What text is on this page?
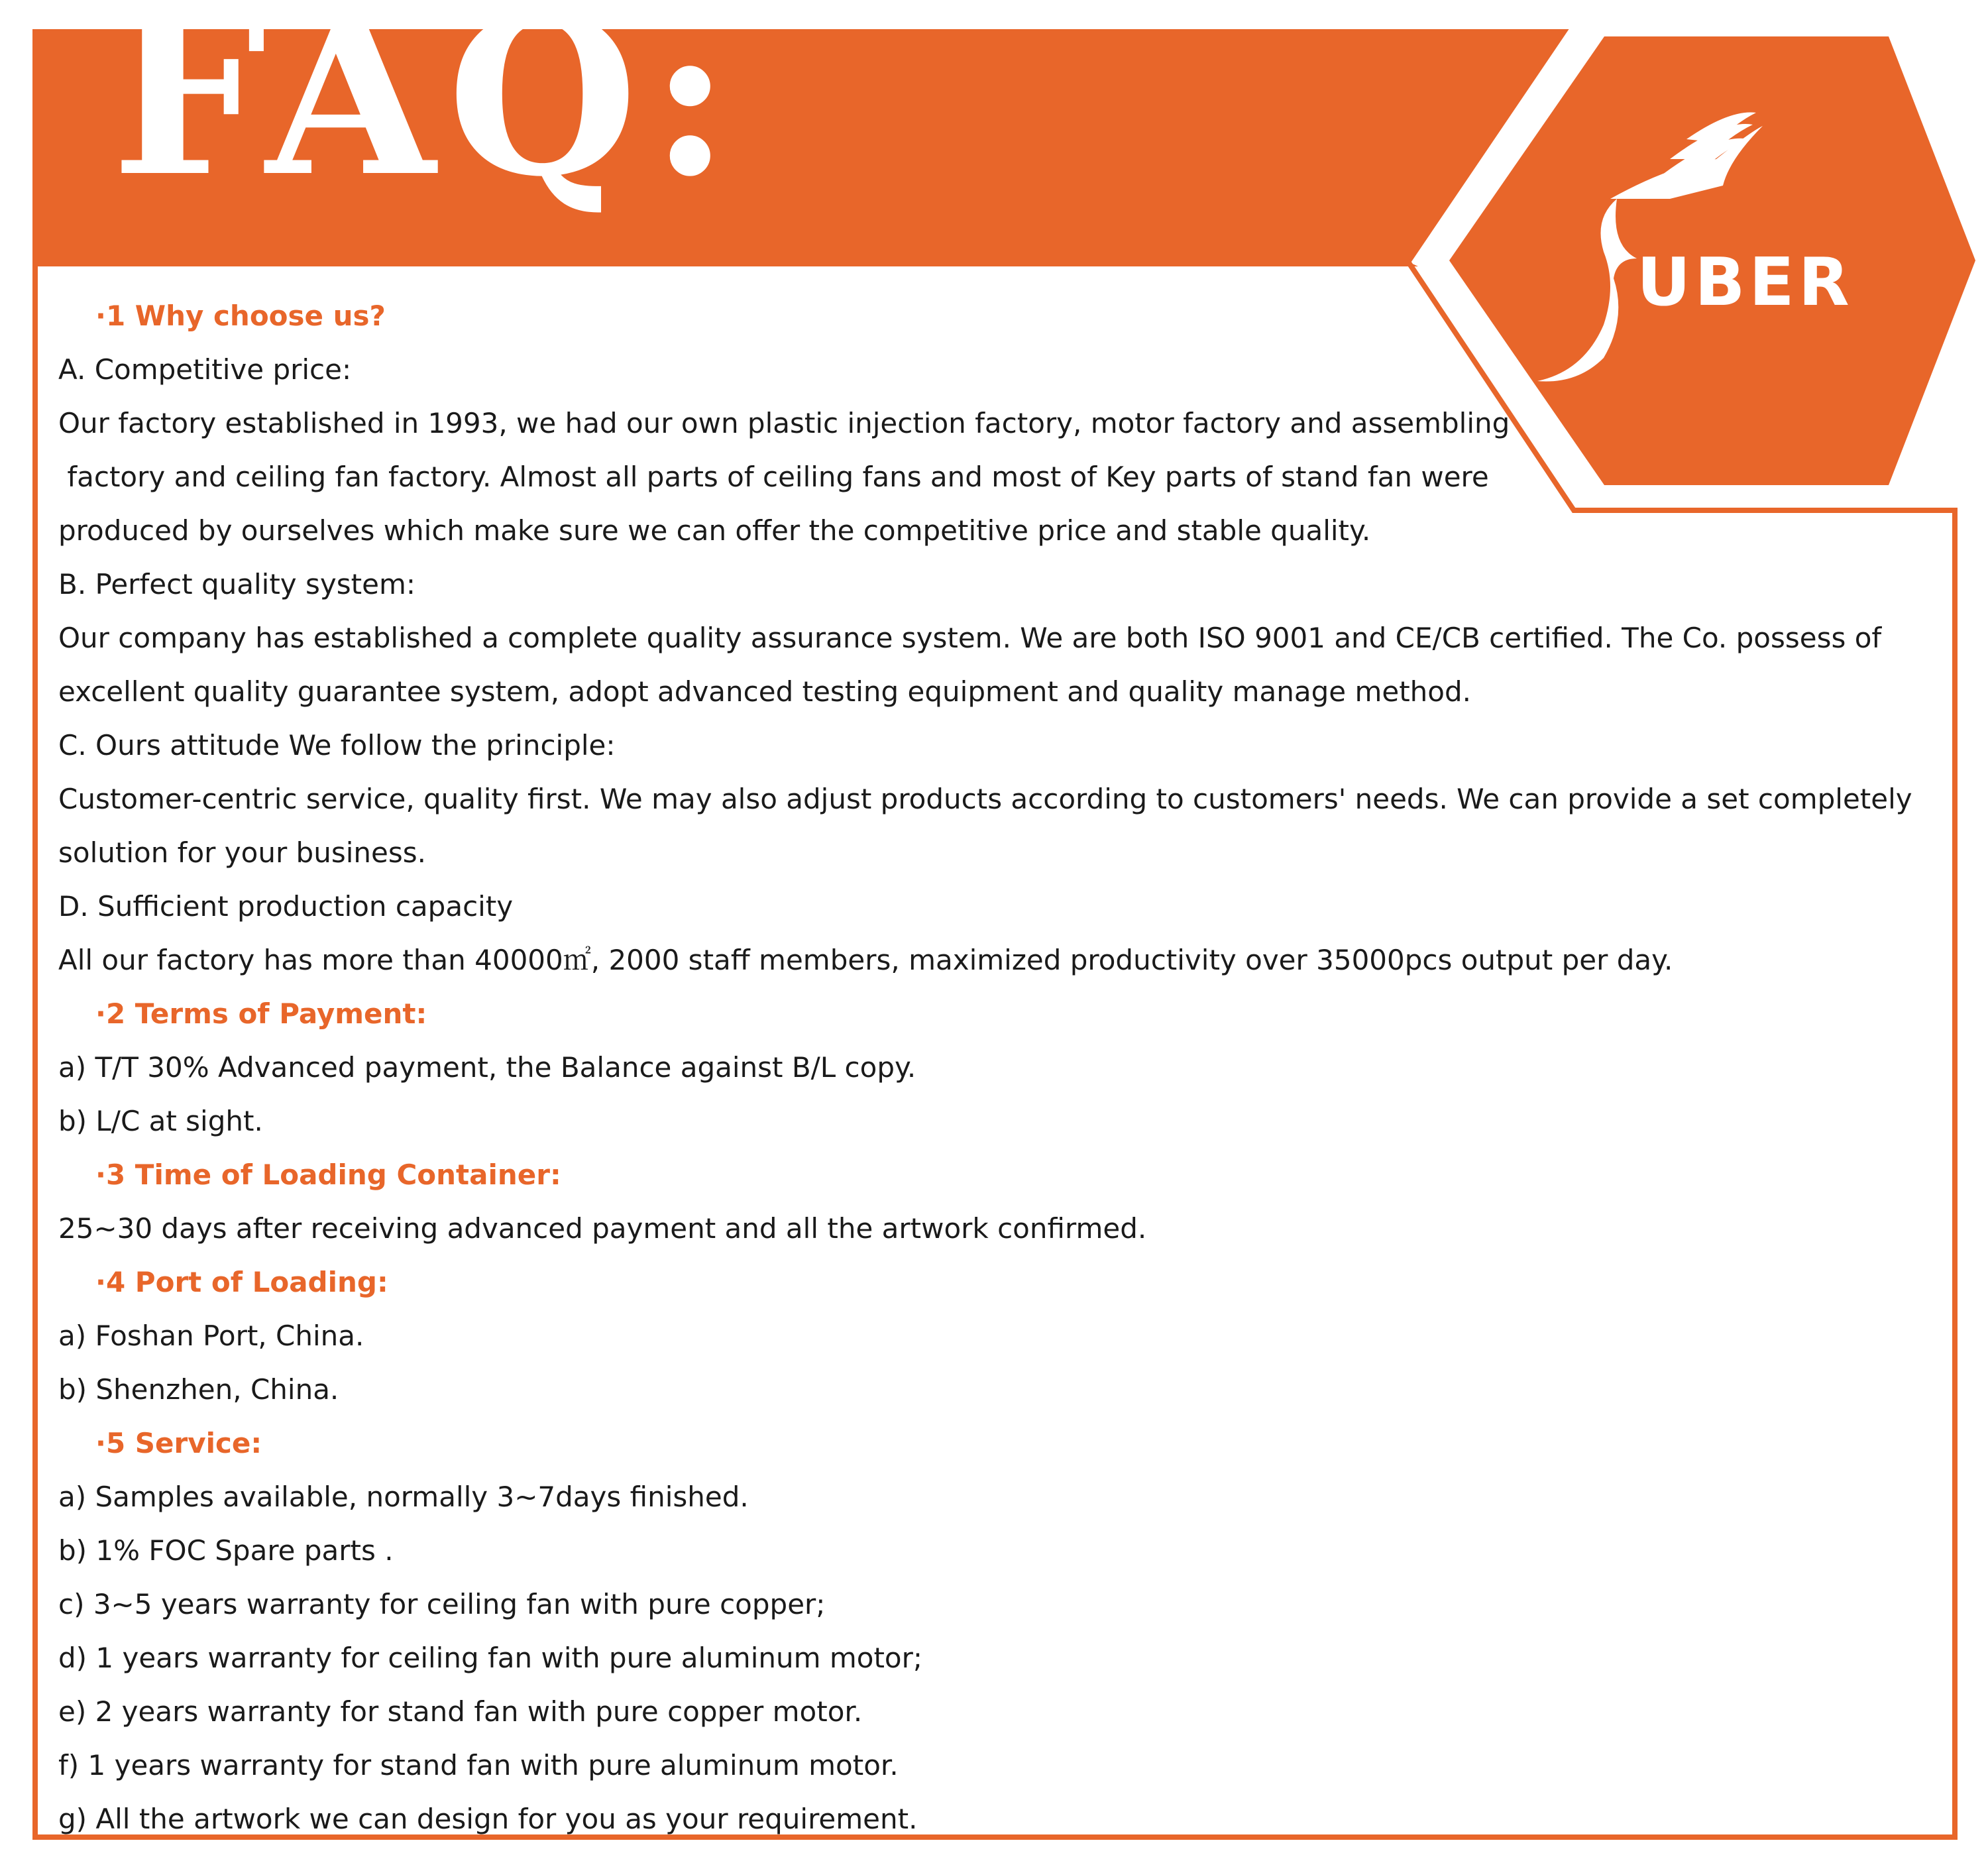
UBER
FAQ:
·1 Why choose us?
A. Competitive price:
Our factory established in 1993, we had our own plastic injection factory, motor factory and assembling
factory and ceiling fan factory. Almost all parts of ceiling fans and most of Key parts of stand fan were
produced by ourselves which make sure we can offer the competitive price and stable quality.
B. Perfect quality system:
Our company has established a complete quality assurance system. We are both ISO 9001 and CE/CB certified. The Co. possess of
excellent quality guarantee system, adopt advanced testing equipment and quality manage method.
C. Ours attitude We follow the principle:
Customer-centric service, quality first. We may also adjust products according to customers' needs. We can provide a set completely
solution for your business.
D. Sufficient production capacity
All our factory has more than 40000㎡, 2000 staff members, maximized productivity over 35000pcs output per day.
·2 Terms of Payment:
a) T/T 30% Advanced payment, the Balance against B/L copy.
b) L/C at sight.
·3 Time of Loading Container:
25~30 days after receiving advanced payment and all the artwork confirmed.
·4 Port of Loading:
a) Foshan Port, China.
b) Shenzhen, China.
·5 Service:
a) Samples available, normally 3~7days finished.
b) 1% FOC Spare parts .
c) 3~5 years warranty for ceiling fan with pure copper;
d) 1 years warranty for ceiling fan with pure aluminum motor;
e) 2 years warranty for stand fan with pure copper motor.
f) 1 years warranty for stand fan with pure aluminum motor.
g) All the artwork we can design for you as your requirement.
